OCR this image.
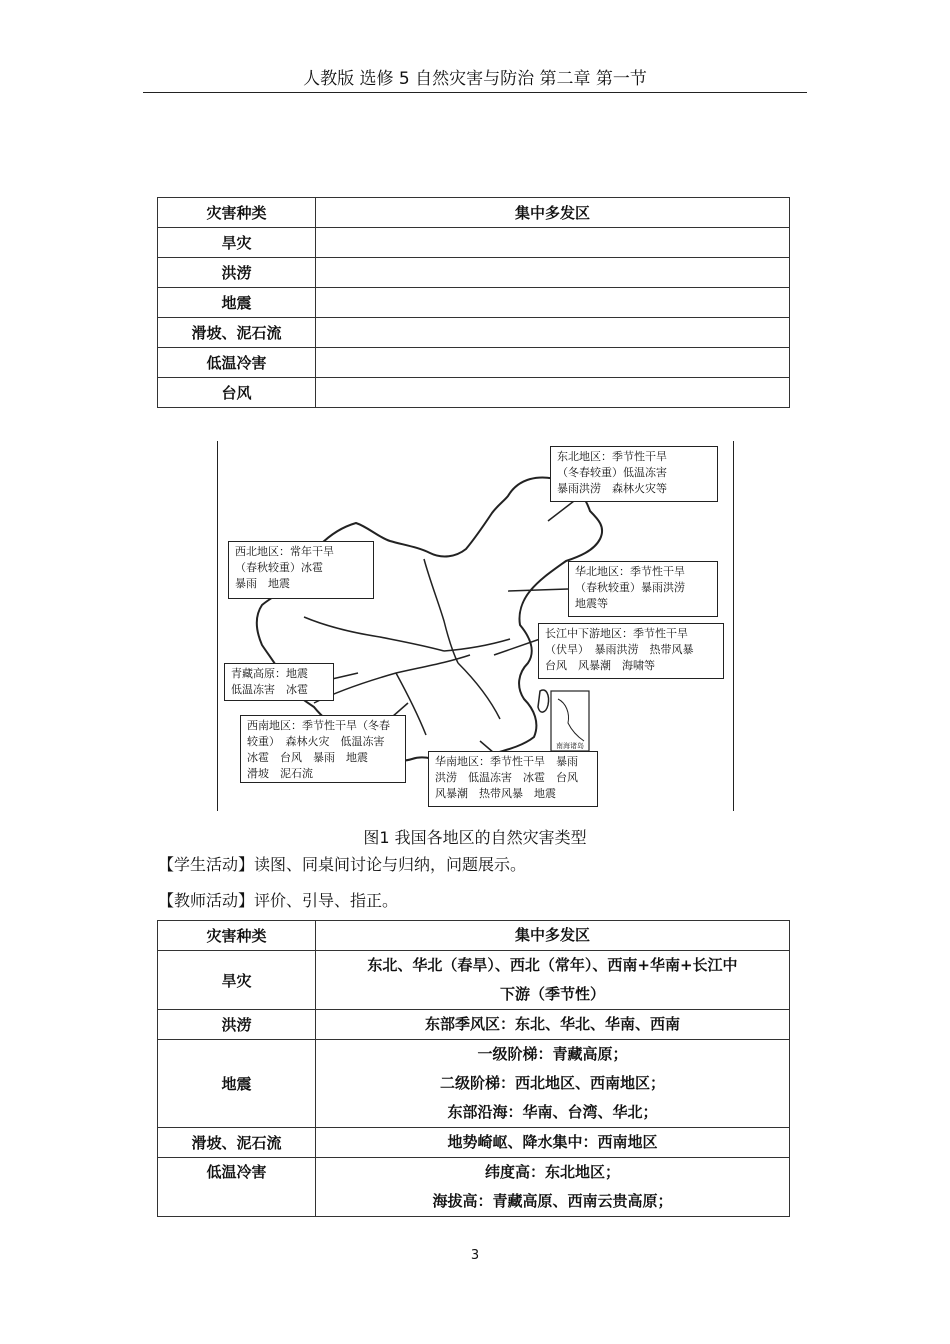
人教版 选修 5 自然灾害与防治 第二章 第一节
灾害种类	集中多发区
旱灾	
洪涝	
地震	
滑坡、泥石流	
低温冷害	
台风	
南海诸岛
东北地区：季节性干旱
（冬春较重）低温冻害
暴雨洪涝　森林火灾等
西北地区：常年干旱
（春秋较重）冰雹
暴雨　地震
华北地区：季节性干旱
（春秋较重）暴雨洪涝
地震等
长江中下游地区：季节性干旱
（伏旱）　暴雨洪涝　热带风暴
台风　风暴潮　海啸等
青藏高原：地震
低温冻害　冰雹
西南地区：季节性干旱（冬春
较重）　森林火灾　低温冻害
冰雹　台风　暴雨　地震
滑坡　泥石流
华南地区：季节性干旱　暴雨
洪涝　低温冻害　冰雹　台风
风暴潮　热带风暴　地震
图1 我国各地区的自然灾害类型
【学生活动】读图、同桌间讨论与归纳，问题展示。
【教师活动】评价、引导、指正。
灾害种类	集中多发区
旱灾	东北、华北（春旱）、西北（常年）、西南+华南+长江中
下游（季节性）

洪涝	东部季风区：东北、华北、华南、西南

地震	一级阶梯：青藏高原；
二级阶梯：西北地区、西南地区；
东部沿海：华南、台湾、华北；

滑坡、泥石流	地势崎岖、降水集中：西南地区

低温冷害	纬度高：东北地区；
海拔高：青藏高原、西南云贵高原；
3
